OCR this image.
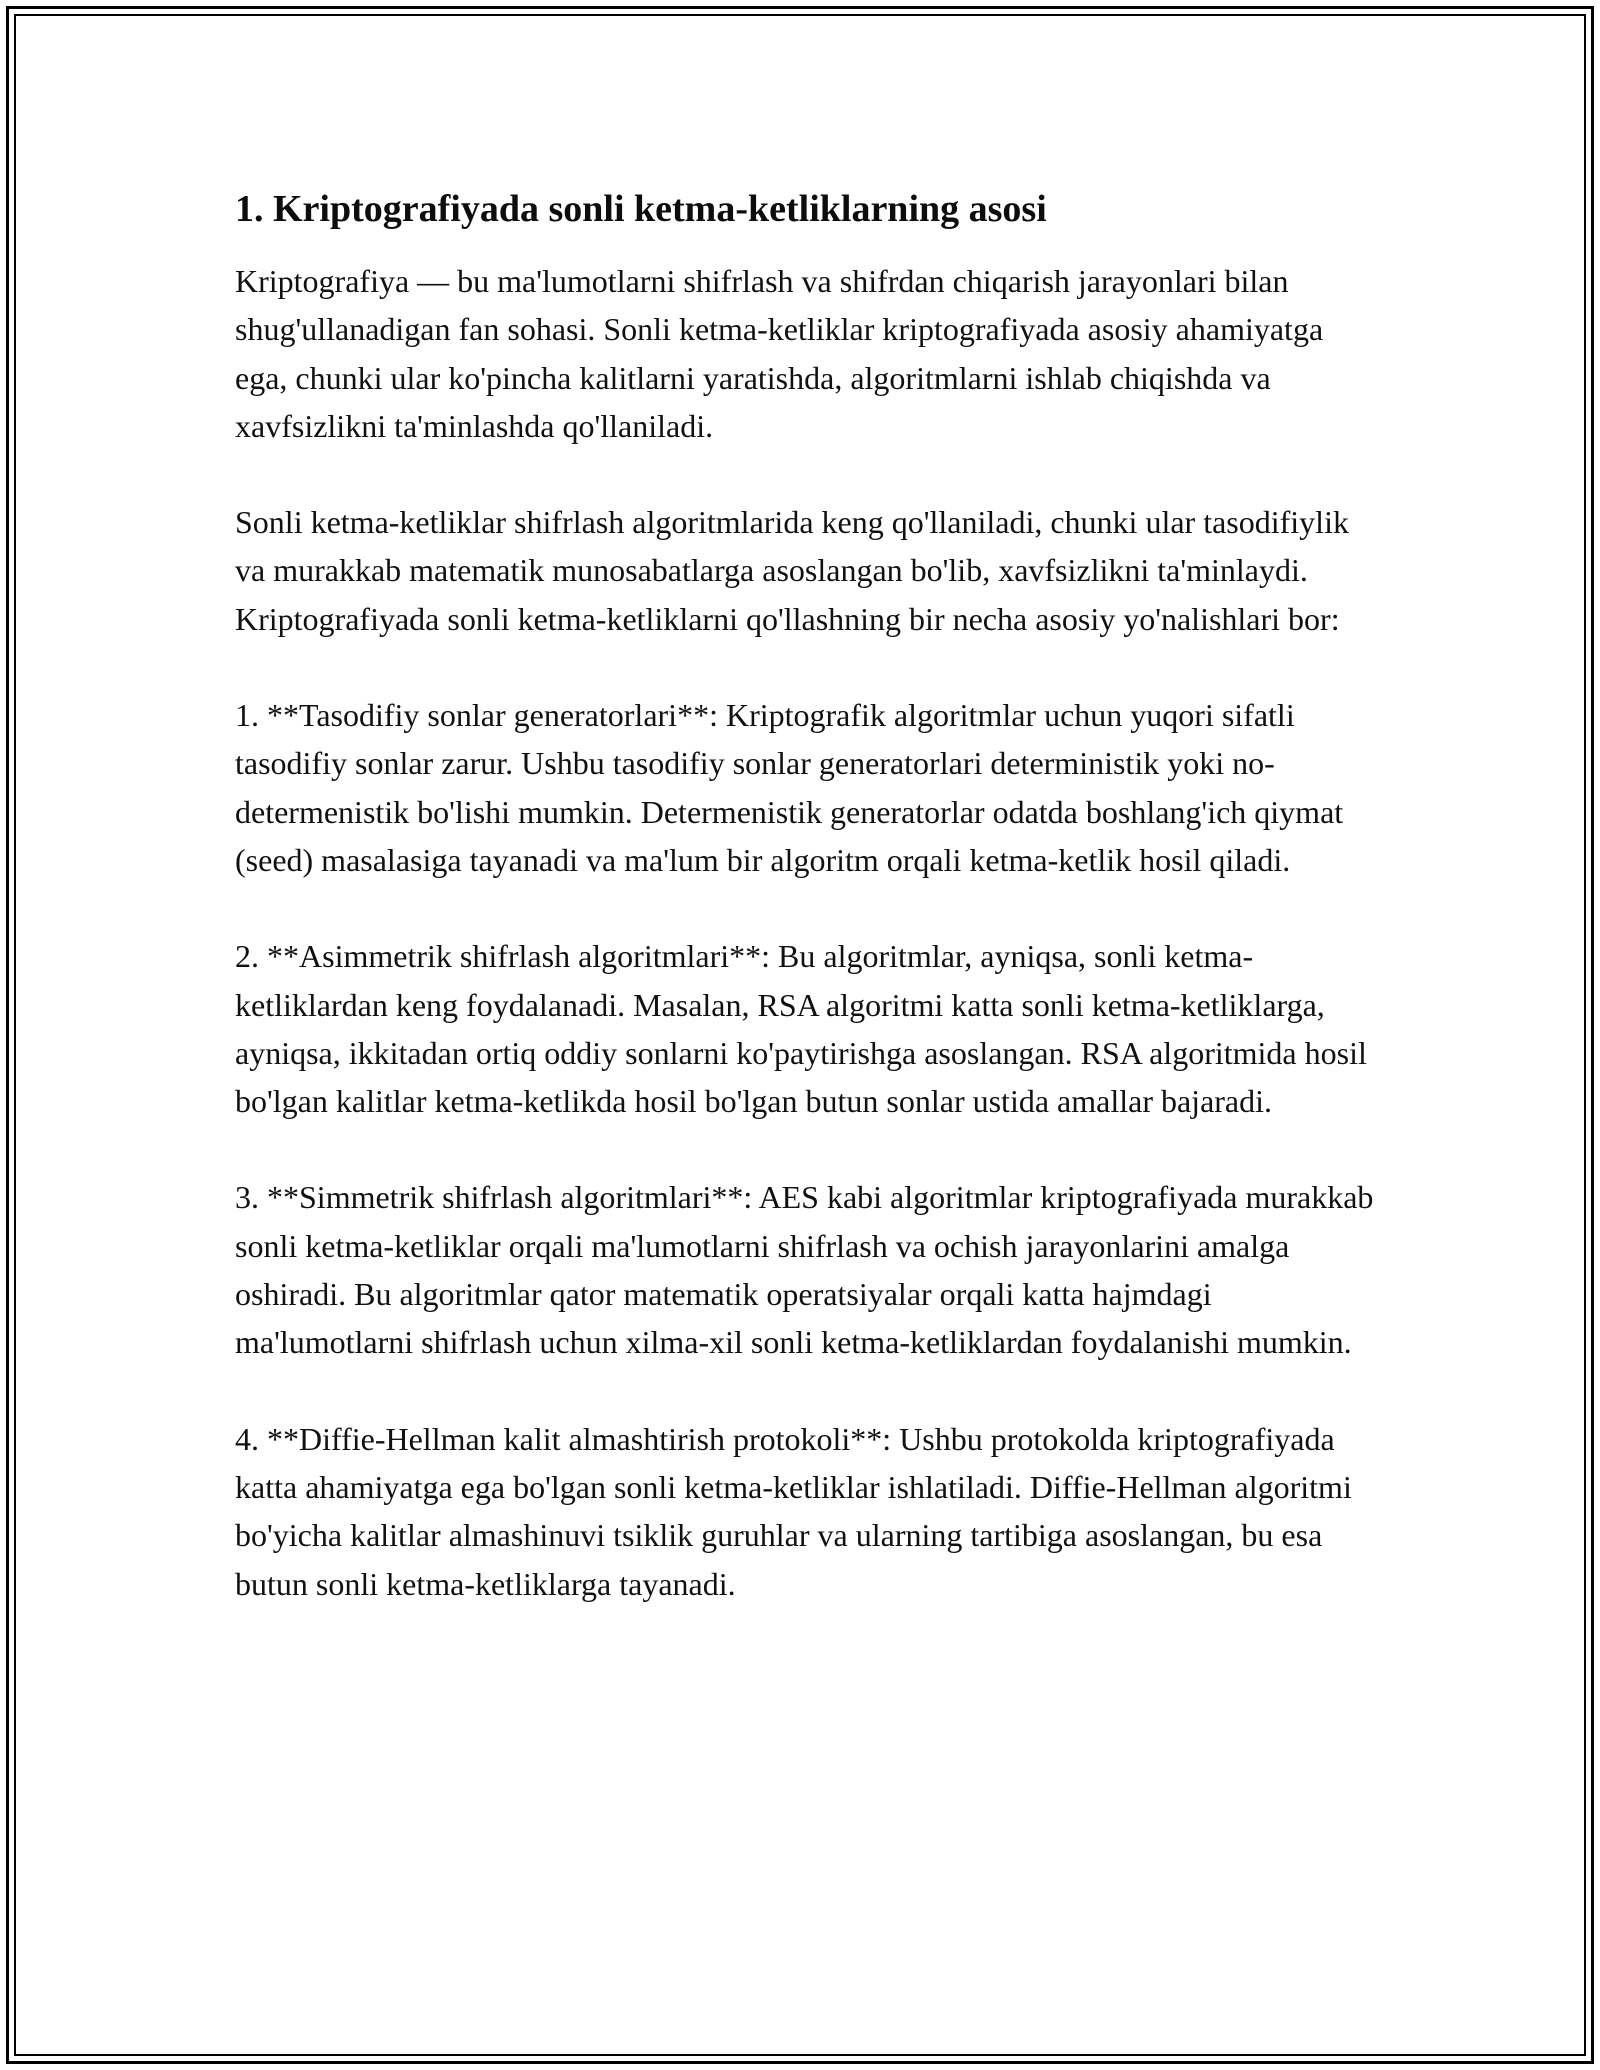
1. Kriptografiyada sonli ketma-ketliklarning asosi

Kriptografiya — bu ma'lumotlarni shifrlash va shifrdan chiqarish jarayonlari bilan shug'ullanadigan fan sohasi. Sonli ketma-ketliklar kriptografiyada asosiy ahamiyatga ega, chunki ular ko'pincha kalitlarni yaratishda, algoritmlarni ishlab chiqishda va xavfsizlikni ta'minlashda qo'llaniladi.

Sonli ketma-ketliklar shifrlash algoritmlarida keng qo'llaniladi, chunki ular tasodifiylik va murakkab matematik munosabatlarga asoslangan bo'lib, xavfsizlikni ta'minlaydi. Kriptografiyada sonli ketma-ketliklarni qo'llashning bir necha asosiy yo'nalishlari bor:

1. **Tasodifiy sonlar generatorlari**: Kriptografik algoritmlar uchun yuqori sifatli tasodifiy sonlar zarur. Ushbu tasodifiy sonlar generatorlari deterministik yoki no-determenistik bo'lishi mumkin. Determenistik generatorlar odatda boshlang'ich qiymat (seed) masalasiga tayanadi va ma'lum bir algoritm orqali ketma-ketlik hosil qiladi.

2. **Asimmetrik shifrlash algoritmlari**: Bu algoritmlar, ayniqsa, sonli ketma-ketliklardan keng foydalanadi. Masalan, RSA algoritmi katta sonli ketma-ketliklarga, ayniqsa, ikkitadan ortiq oddiy sonlarni ko'paytirishga asoslangan. RSA algoritmida hosil bo'lgan kalitlar ketma-ketlikda hosil bo'lgan butun sonlar ustida amallar bajaradi.

3. **Simmetrik shifrlash algoritmlari**: AES kabi algoritmlar kriptografiyada murakkab sonli ketma-ketliklar orqali ma'lumotlarni shifrlash va ochish jarayonlarini amalga oshiradi. Bu algoritmlar qator matematik operatsiyalar orqali katta hajmdagi ma'lumotlarni shifrlash uchun xilma-xil sonli ketma-ketliklardan foydalanishi mumkin.

4. **Diffie-Hellman kalit almashtirish protokoli**: Ushbu protokolda kriptografiyada katta ahamiyatga ega bo'lgan sonli ketma-ketliklar ishlatiladi. Diffie-Hellman algoritmi bo'yicha kalitlar almashinuvi tsiklik guruhlar va ularning tartibiga asoslangan, bu esa butun sonli ketma-ketliklarga tayanadi.
